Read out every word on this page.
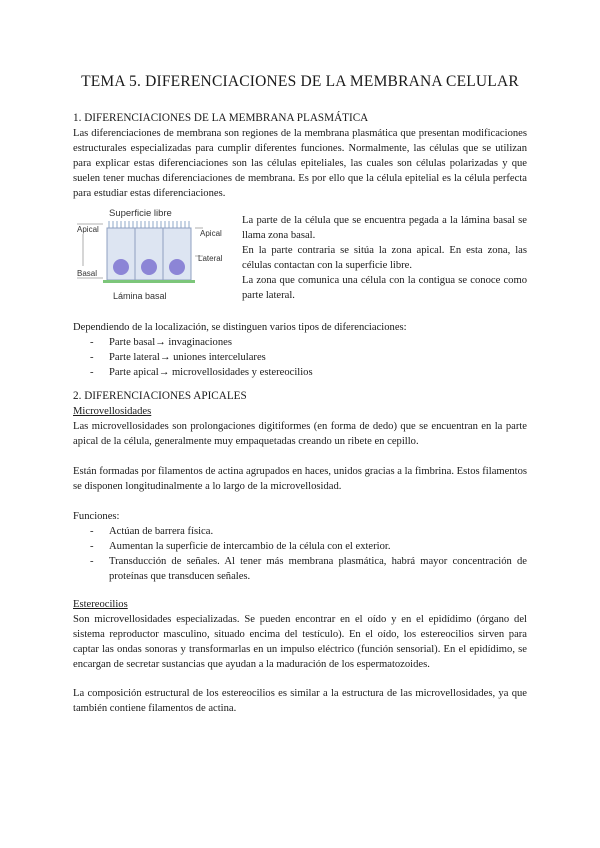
TEMA 5. DIFERENCIACIONES DE LA MEMBRANA CELULAR
1. DIFERENCIACIONES DE LA MEMBRANA PLASMÁTICA

Las diferenciaciones de membrana son regiones de la membrana plasmática que presentan modificaciones estructurales especializadas para cumplir diferentes funciones. Normalmente, las células que se utilizan para explicar estas diferenciaciones son las células epiteliales, las cuales son células polarizadas y que suelen tener muchas diferenciaciones de membrana. Es por ello que la célula epitelial es la célula perfecta para estudiar estas diferenciaciones.

Superficie libre
Apical
Basal
Apical
Lateral
Lámina basal

La parte de la célula que se encuentra pegada a la lámina basal se llama zona basal.

En la parte contraria se sitúa la zona apical. En esta zona, las células contactan con la superficie libre.

La zona que comunica una célula con la contigua se conoce como parte lateral.

Dependiendo de la localización, se distinguen varios tipos de diferenciaciones:

- Parte basal→ invaginaciones
- Parte lateral→ uniones intercelulares
- Parte apical→ microvellosidades y estereocilios
2. DIFERENCIACIONES APICALES

Microvellosidades

Las microvellosidades son prolongaciones digitiformes (en forma de dedo) que se encuentran en la parte apical de la célula, generalmente muy empaquetadas creando un ribete en cepillo.

Están formadas por filamentos de actina agrupados en haces, unidos gracias a la fimbrina. Estos filamentos se disponen longitudinalmente a lo largo de la microvellosidad.

Funciones:

- Actúan de barrera física.
- Aumentan la superficie de intercambio de la célula con el exterior.
- Transducción de señales. Al tener más membrana plasmática, habrá mayor concentración de proteínas que transducen señales.

Estereocilios

Son microvellosidades especializadas. Se pueden encontrar en el oído y en el epidídimo (órgano del sistema reproductor masculino, situado encima del testículo). En el oído, los estereocilios sirven para captar las ondas sonoras y transformarlas en un impulso eléctrico (función sensorial). En el epidídimo, se encargan de secretar sustancias que ayudan a la maduración de los espermatozoides.

La composición estructural de los estereocilios es similar a la estructura de las microvellosidades, ya que también contiene filamentos de actina.
